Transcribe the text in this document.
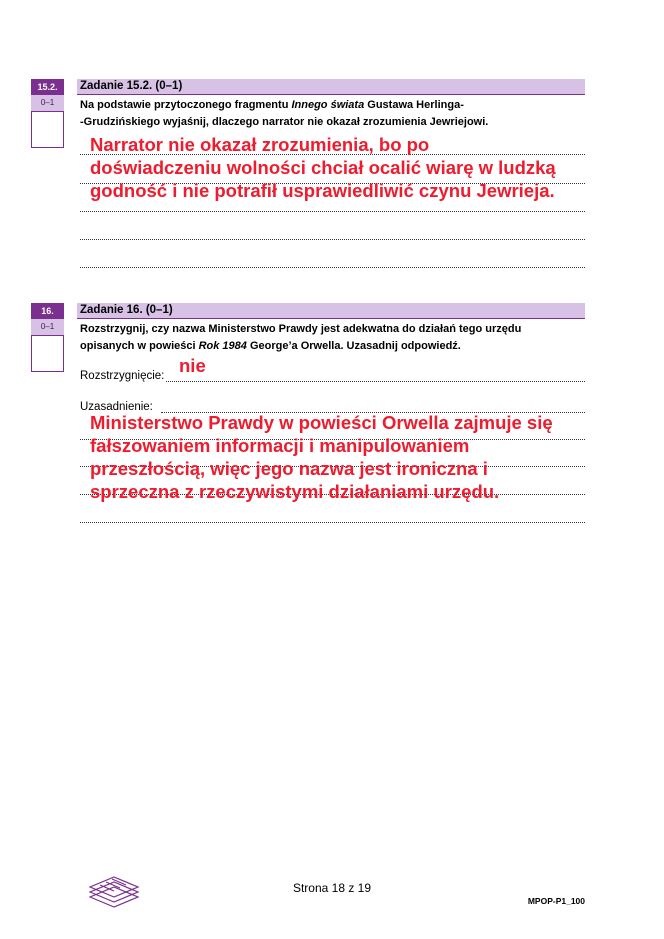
15.2.
0–1
Zadanie 15.2. (0–1)
Na podstawie przytoczonego fragmentu Innego świata Gustawa Herlinga-
-Grudzińskiego wyjaśnij, dlaczego narrator nie okazał zrozumienia Jewriejowi.
Narrator nie okazał zrozumienia, bo po
doświadczeniu wolności chciał ocalić wiarę w ludzką
godność i nie potrafił usprawiedliwić czynu Jewrieja.
16.
0–1
Zadanie 16. (0–1)
Rozstrzygnij, czy nazwa Ministerstwo Prawdy jest adekwatna do działań tego urzędu
opisanych w powieści Rok 1984 George’a Orwella. Uzasadnij odpowiedź.
Rozstrzygnięcie: nie
Uzasadnienie:
Ministerstwo Prawdy w powieści Orwella zajmuje się
fałszowaniem informacji i manipulowaniem
przeszłością, więc jego nazwa jest ironiczna i
sprzeczna z rzeczywistymi działaniami urzędu.
Strona 18 z 19
MPOP-P1_100
